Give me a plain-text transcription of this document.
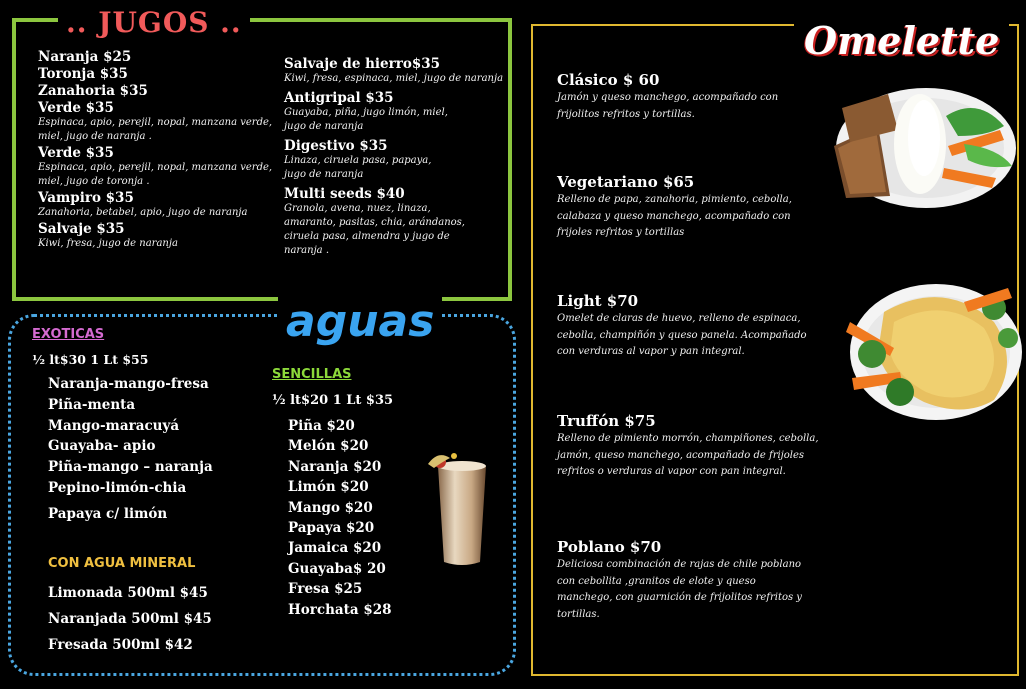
.. JUGOS ..
Naranja $25
Toronja $35
Zanahoria $35
Verde $35
Espinaca, apio, perejil, nopal, manzana verde, miel, jugo de naranja .
Verde $35
Espinaca, apio, perejil, nopal, manzana verde, miel, jugo de toronja .
Vampiro $35
Zanahoria, betabel, apio, jugo de naranja
Salvaje $35
Kiwi, fresa, jugo de naranja
Salvaje de hierro$35
Kiwi, fresa, espinaca, miel, jugo de naranja
Antigripal $35
Guayaba, piña, jugo limón, miel, jugo de naranja
Digestivo $35
Linaza, ciruela pasa, papaya, jugo de naranja
Multi seeds $40
Granola, avena, nuez, linaza, amaranto, pasitas, chia, arándanos, ciruela pasa, almendra y jugo de naranja .
aguas
EXOTICAS
½ lt$30 1 Lt $55
Naranja-mango-fresa
Piña-menta
Mango-maracuyá
Guayaba- apio
Piña-mango – naranja
Pepino-limón-chia
Papaya c/ limón
CON AGUA MINERAL
Limonada 500ml $45
Naranjada 500ml $45
Fresada 500ml $42
SENCILLAS
½ lt$20 1 Lt $35
Piña $20
Melón $20
Naranja $20
Limón $20
Mango $20
Papaya $20
Jamaica $20
Guayaba$ 20
Fresa $25
Horchata $28
Omelette
Clásico $ 60
Jamón y queso manchego, acompañado con frijolitos refritos y tortillas.
Vegetariano $65
Relleno de papa, zanahoria, pimiento, cebolla, calabaza y queso manchego, acompañado con frijoles refritos y tortillas
Light $70
Omelet de claras de huevo, relleno de espinaca, cebolla, champiñón y queso panela. Acompañado con verduras al vapor y pan integral.
Truffón $75
Relleno de pimiento morrón, champiñones, cebolla, jamón, queso manchego, acompañado de frijoles refritos o verduras al vapor con pan integral.
Poblano $70
Deliciosa combinación de rajas de chile poblano con cebollita ,granitos de elote y queso manchego, con guarnición de frijolitos refritos y tortillas.
